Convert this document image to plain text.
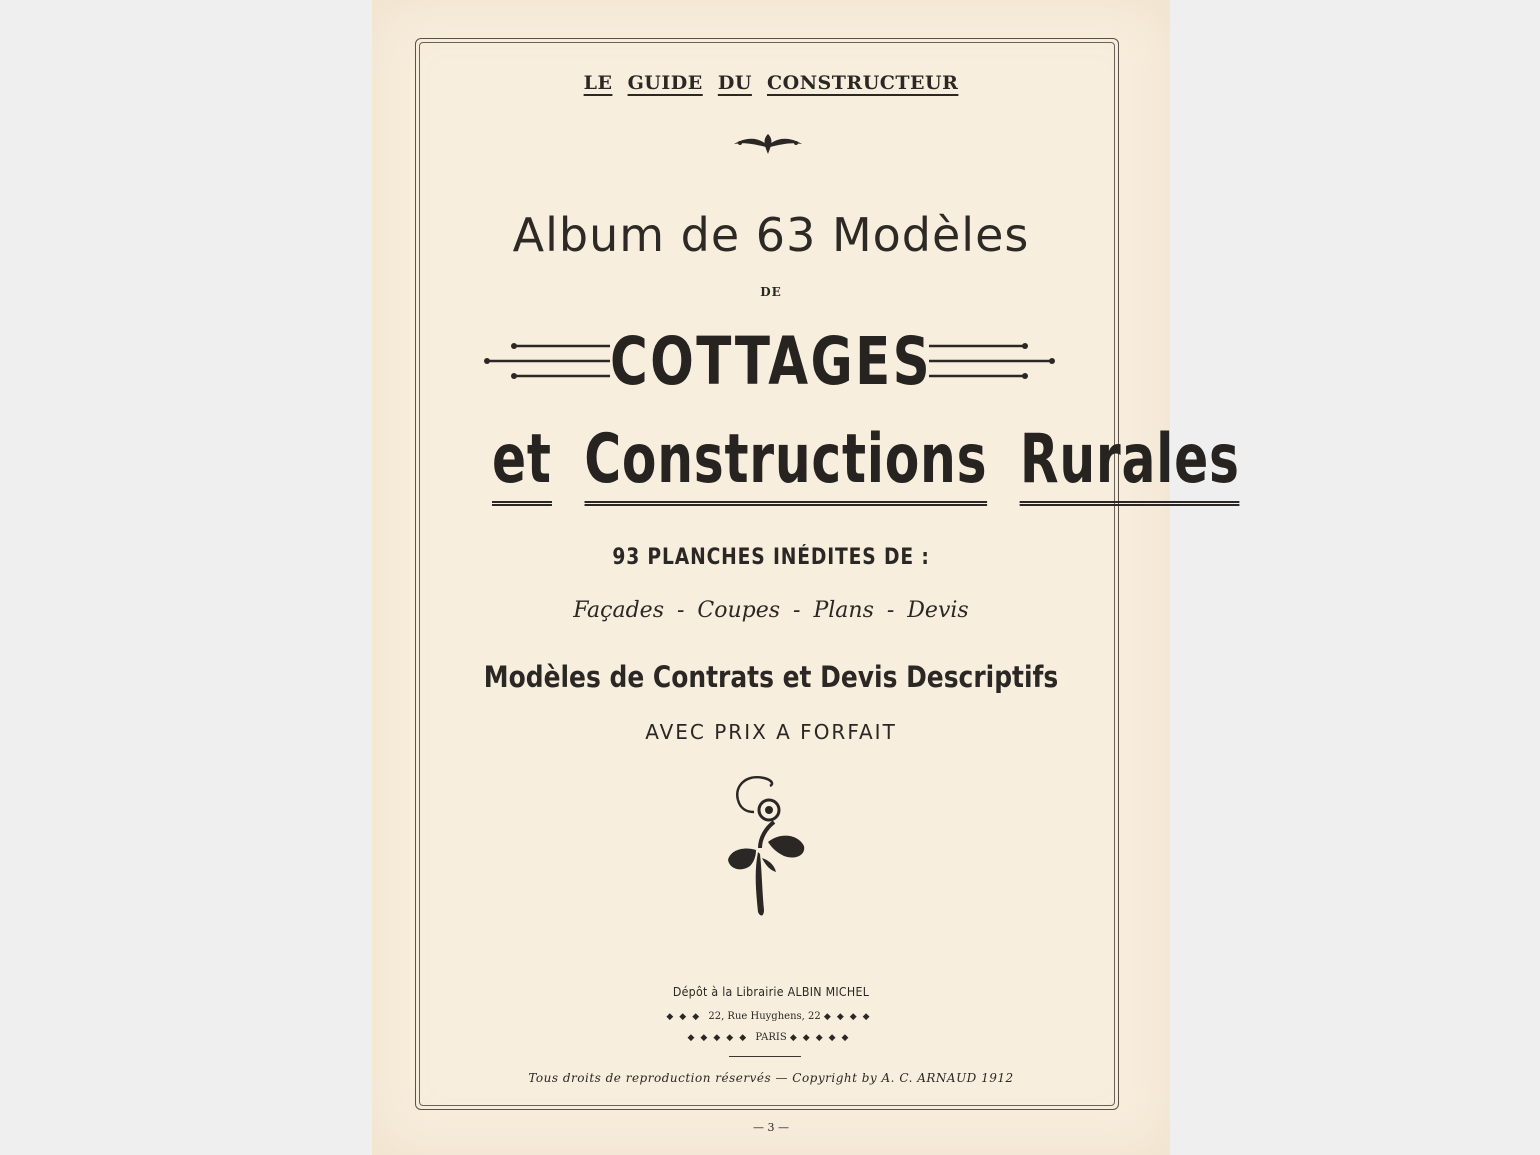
LE GUIDE DU CONSTRUCTEUR
Album de 63 Modèles
DE
COTTAGES
et Constructions Rurales
93 PLANCHES INÉDITES DE :
Façades - Coupes - Plans - Devis
Modèles de Contrats et Devis Descriptifs
AVEC PRIX A FORFAIT
Dépôt à la Librairie ALBIN MICHEL
◆◆◆ 22, Rue Huyghens, 22 ◆◆◆◆
◆◆◆◆◆ PARIS ◆◆◆◆◆
Tous droits de reproduction réservés — Copyright by A. C. ARNAUD 1912
— 3 —
